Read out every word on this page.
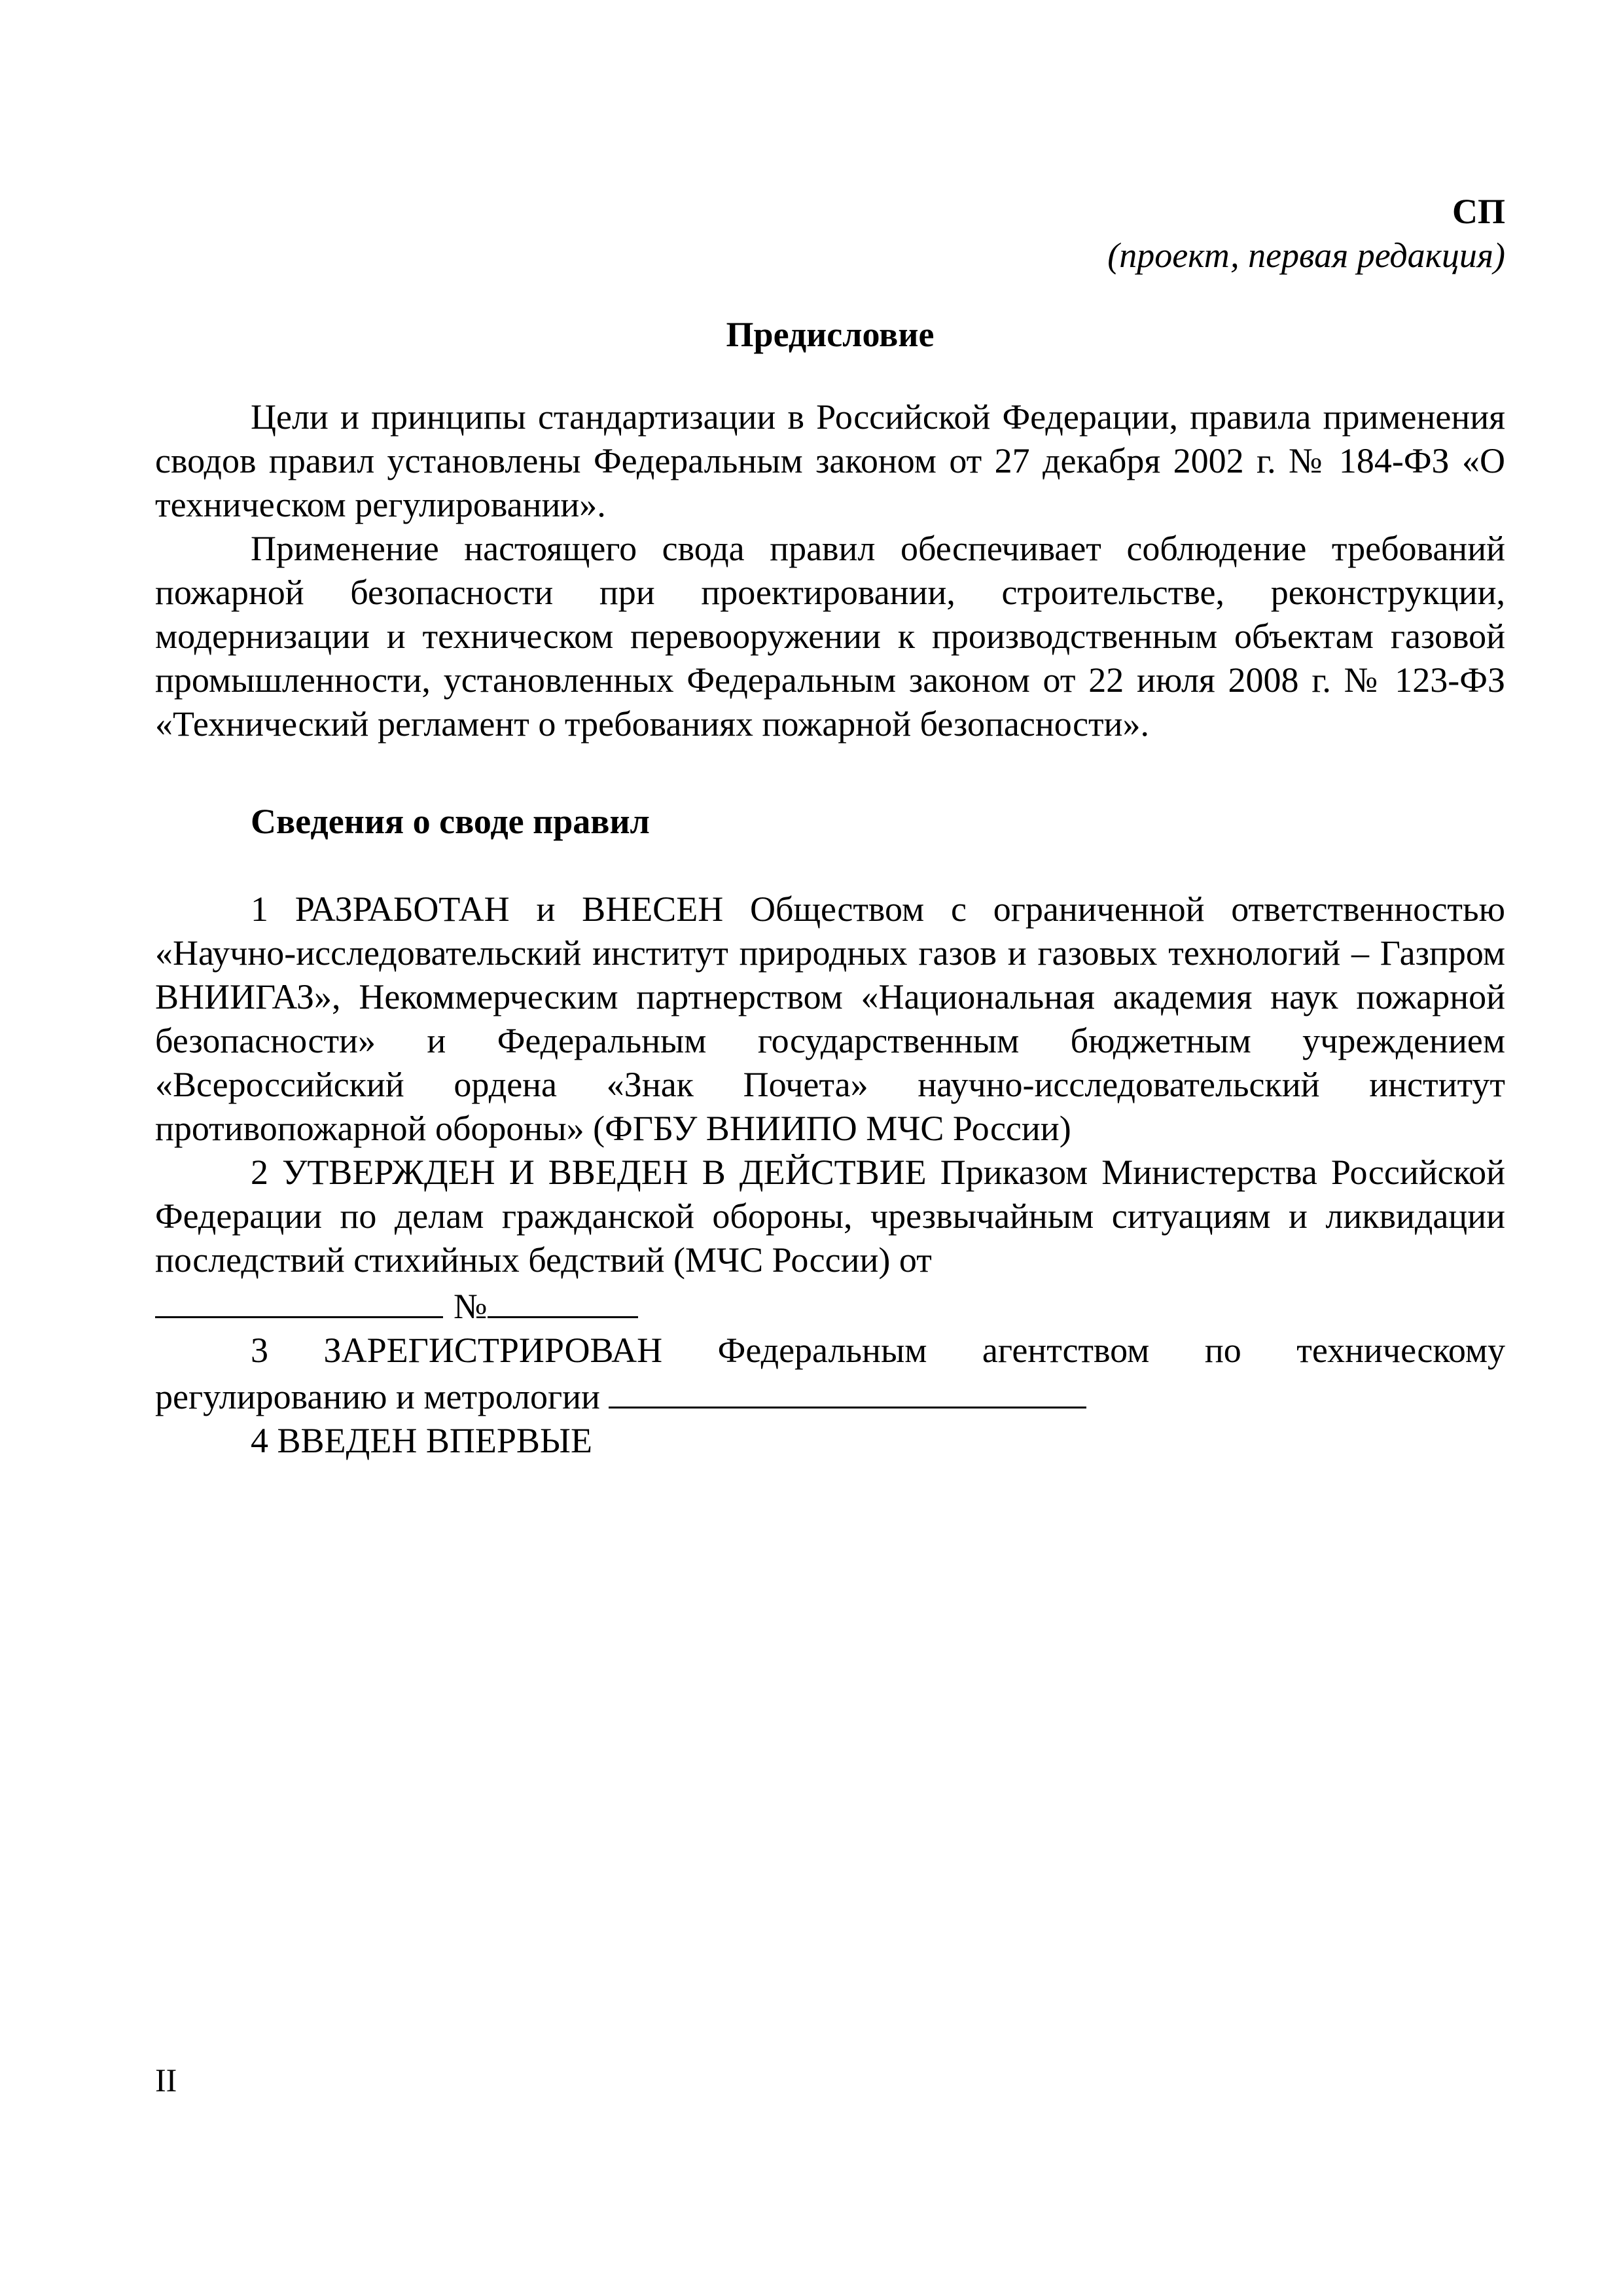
СП
(проект, первая редакция)
Предисловие

Цели и принципы стандартизации в Российской Федерации, правила применения сводов правил установлены Федеральным законом от 27 декабря 2002 г. № 184-ФЗ «О техническом регулировании».

Применение настоящего свода правил обеспечивает соблюдение требований пожарной безопасности при проектировании, строительстве, реконструкции, модернизации и техническом перевооружении к производственным объектам газовой промышленности, установленных Федеральным законом от 22 июля 2008 г. № 123-ФЗ «Технический регламент о требованиях пожарной безопасности».

Сведения о своде правил

1 РАЗРАБОТАН и ВНЕСЕН Обществом с ограниченной ответственностью «Научно-исследовательский институт природных газов и газовых технологий – Газпром ВНИИГАЗ», Некоммерческим партнерством «Национальная академия наук пожарной безопасности» и Федеральным государственным бюджетным учреждением «Всероссийский ордена «Знак Почета» научно-исследовательский институт противопожарной обороны» (ФГБУ ВНИИПО МЧС России)

2 УТВЕРЖДЕН И ВВЕДЕН В ДЕЙСТВИЕ Приказом Министерства Российской Федерации по делам гражданской обороны, чрезвычайным ситуациям и ликвидации последствий стихийных бедствий (МЧС России) от

№

3 ЗАРЕГИСТРИРОВАН Федеральным агентством по техническому регулированию и метрологии

4 ВВЕДЕН ВПЕРВЫЕ

II
